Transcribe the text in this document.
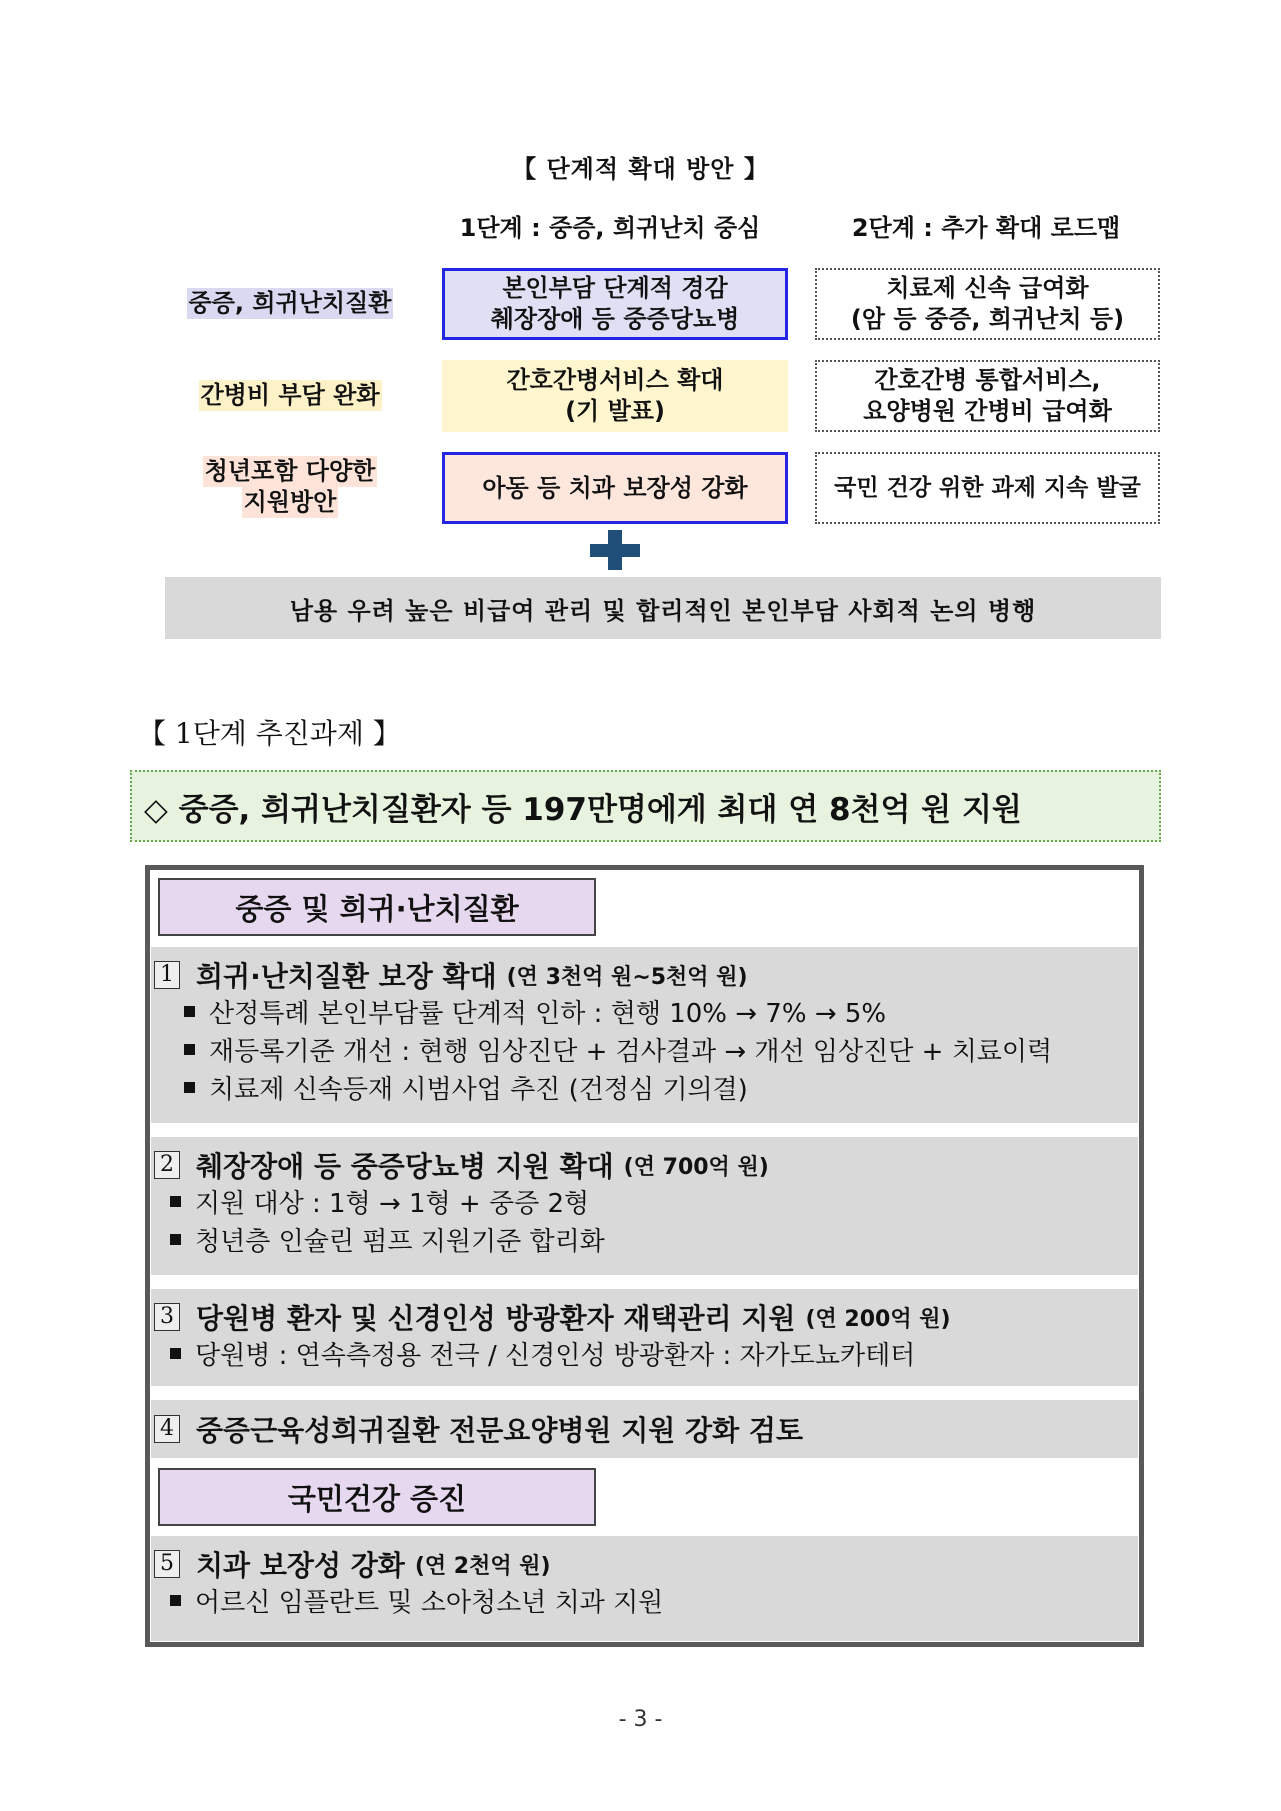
【 단계적 확대 방안 】
1단계 : 중증, 희귀난치 중심	2단계 : 추가 확대 로드맵
중증, 희귀난치질환
간병비 부담 완화
청년포함 다양한
지원방안
본인부담 단계적 경감
췌장장애 등 중증당뇨병
간호간병서비스 확대
(기 발표)
아동 등 치과 보장성 강화
치료제 신속 급여화
(암 등 중증, 희귀난치 등)
간호간병 통합서비스,
요양병원 간병비 급여화
국민 건강 위한 과제 지속 발굴
남용 우려 높은 비급여 관리 및 합리적인 본인부담 사회적 논의 병행
【 1단계 추진과제 】
◇ 중증, 희귀난치질환자 등 197만명에게 최대 연 8천억 원 지원
중증 및 희귀·난치질환
1 희귀·난치질환 보장 확대 (연 3천억 원~5천억 원)
산정특례 본인부담률 단계적 인하 : 현행 10% → 7% → 5%
재등록기준 개선 : 현행 임상진단 + 검사결과 → 개선 임상진단 + 치료이력
치료제 신속등재 시범사업 추진 (건정심 기의결)
2 췌장장애 등 중증당뇨병 지원 확대 (연 700억 원)
지원 대상 : 1형 → 1형 + 중증 2형
청년층 인슐린 펌프 지원기준 합리화
3 당원병 환자 및 신경인성 방광환자 재택관리 지원 (연 200억 원)
당원병 : 연속측정용 전극 / 신경인성 방광환자 : 자가도뇨카테터
4 중증근육성희귀질환 전문요양병원 지원 강화 검토
국민건강 증진
5 치과 보장성 강화 (연 2천억 원)
어르신 임플란트 및 소아청소년 치과 지원
- 3 -
